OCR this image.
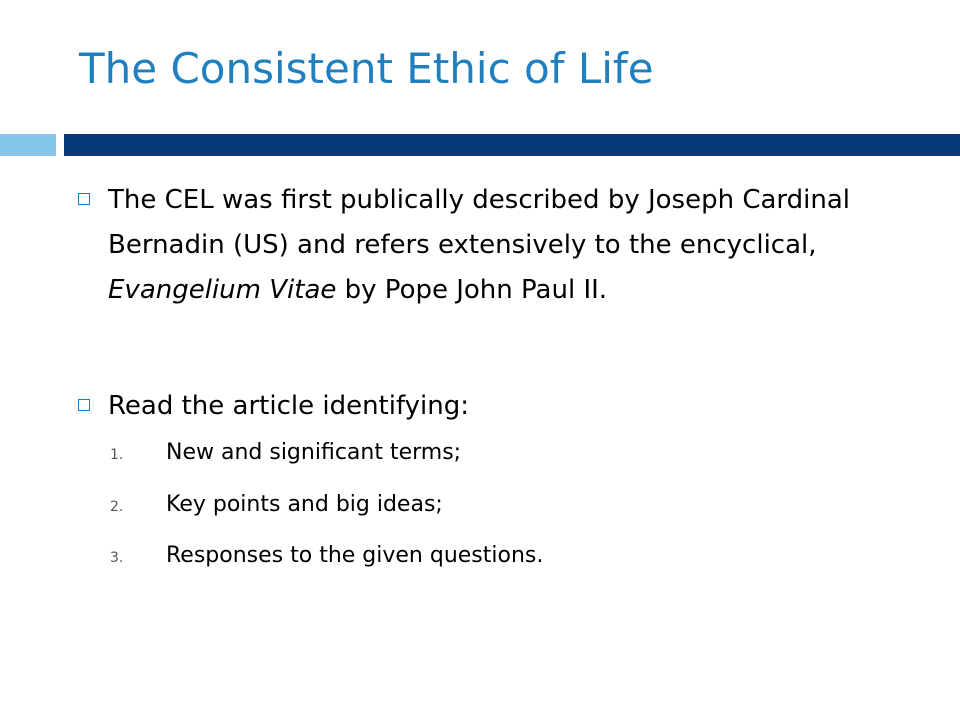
The Consistent Ethic of Life
The CEL was first publically described by Joseph Cardinal Bernadin (US) and refers extensively to the encyclical, Evangelium Vitae by Pope John Paul II.
Read the article identifying:
1.	New and significant terms;
2.	Key points and big ideas;
3.	Responses to the given questions.
